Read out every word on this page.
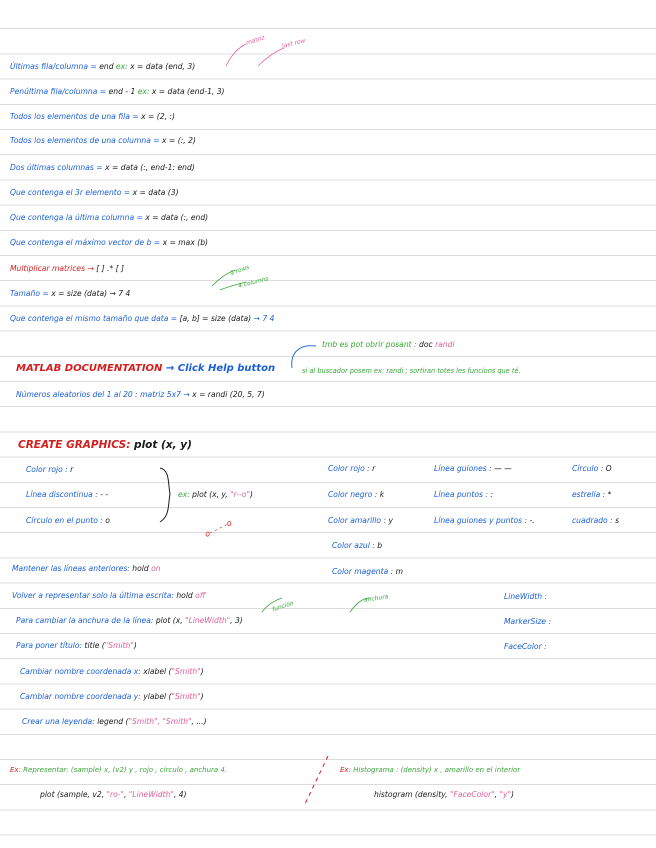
Últimas fila/columna = end ex: x = data (end, 3)
Penúltima fila/columna = end - 1 ex: x = data (end-1, 3)
Todos los elementos de una fila = x = (2, :)
Todos los elementos de una columna = x = (:, 2)
Dos últimas columnas = x = data (:, end-1: end)
Que contenga el 3r elemento = x = data (3)
Que contenga la última columna = x = data (:, end)
Que contenga el máximo vector de b = x = max (b)
Multiplicar matrices → [ ] .* [ ]
Tamaño = x = size (data) → 7 4
Que contenga el mismo tamaño que data = [a, b] = size (data) → 7 4
MATLAB DOCUMENTATION → Click Help button
Números aleatorios del 1 al 20 : matriz 5x7 → x = randi (20, 5, 7)
CREATE GRAPHICS: plot (x, y)
Color rojo : r
Línea discontinua : - -
Círculo en el punto : o
ex: plot (x, y, "r--o")
Mantener las líneas anteriores: hold on
Volver a representar solo la última escrita: hold off
Para cambiar la anchura de la línea: plot (x, "LineWidth", 3)
Para poner título: title ("Smith")
Cambiar nombre coordenada x: xlabel ("Smith")
Cambiar nombre coordenada y: ylabel ("Smith")
Crear una leyenda: legend ("Smith", "Smith", ...)
Ex: Representar: (sample) x, (v2) y , rojo , círculo , anchura 4.
plot (sample, v2, "ro-", "LineWidth", 4)
Ex: Histograma : (density) x , amarillo en el interior
histogram (density, "FaceColor", "y")
matriz	last row
9 rows
4 columns
tmb es pot obrir posant : doc randi
si al buscador posem ex: randi ; sortiran totes les funcions que té.
o- - - -o
función
anchura
Color rojo : r
Color negro : k
Color amarillo : y
Color azul : b
Color magenta : m
Línea guiones : — —
Línea puntos : :
Línea guiones y puntos : -.
Círculo : O
estrella : *
cuadrado : s
LineWidth :
MarkerSize :
FaceColor :
